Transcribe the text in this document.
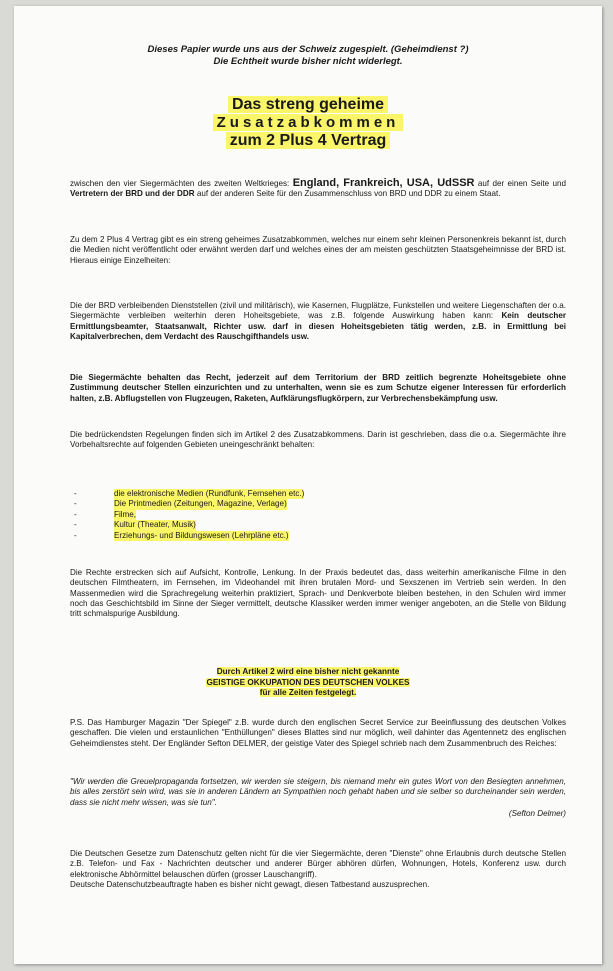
Dieses Papier wurde uns aus der Schweiz zugespielt. (Geheimdienst ?)
Die Echtheit wurde bisher nicht widerlegt.
Das streng geheime
Zusatzabkommen
zum 2 Plus 4 Vertrag
zwischen den vier Siegermächten des zweiten Weltkrieges: England, Frankreich, USA, UdSSR auf der einen Seite und Vertretern der BRD und der DDR auf der anderen Seite für den Zusammenschluss von BRD und DDR zu einem Staat.
Zu dem 2 Plus 4 Vertrag gibt es ein streng geheimes Zusatzabkommen, welches nur einem sehr kleinen Personenkreis bekannt ist, durch die Medien nicht veröffentlicht oder erwähnt werden darf und welches eines der am meisten geschützten Staatsgeheimnisse der BRD ist. Hieraus einige Einzelheiten:
Die der BRD verbleibenden Dienststellen (zivil und militärisch), wie Kasernen, Flugplätze, Funkstellen und weitere Liegenschaften der o.a. Siegermächte verbleiben weiterhin deren Hoheitsgebiete, was z.B. folgende Auswirkung haben kann: Kein deutscher Ermittlungsbeamter, Staatsanwalt, Richter usw. darf in diesen Hoheitsgebieten tätig werden, z.B. in Ermittlung bei Kapitalverbrechen, dem Verdacht des Rauschgifthandels usw.
Die Siegermächte behalten das Recht, jederzeit auf dem Territorium der BRD zeitlich begrenzte Hoheitsgebiete ohne Zustimmung deutscher Stellen einzurichten und zu unterhalten, wenn sie es zum Schutze eigener Interessen für erforderlich halten, z.B. Abflugstellen von Flugzeugen, Raketen, Aufklärungsflugkörpern, zur Verbrechensbekämpfung usw.
Die bedrückendsten Regelungen finden sich im Artikel 2 des Zusatzabkommens. Darin ist geschrieben, dass die o.a. Siegermächte ihre Vorbehaltsrechte auf folgenden Gebieten uneingeschränkt behalten:
-	die elektronische Medien (Rundfunk, Fernsehen etc.)
-	Die Printmedien (Zeitungen, Magazine, Verlage)
-	Filme,
-	Kultur (Theater, Musik)
-	Erziehungs- und Bildungswesen (Lehrpläne etc.)
Die Rechte erstrecken sich auf Aufsicht, Kontrolle, Lenkung. In der Praxis bedeutet das, dass weiterhin amerikanische Filme in den deutschen Filmtheatern, im Fernsehen, im Videohandel mit ihren brutalen Mord- und Sexszenen im Vertrieb sein werden. In den Massenmedien wird die Sprachregelung weiterhin praktiziert, Sprach- und Denkverbote bleiben bestehen, in den Schulen wird immer noch das Geschichtsbild im Sinne der Sieger vermittelt, deutsche Klassiker werden immer weniger angeboten, an die Stelle von Bildung tritt schmalspurige Ausbildung.
Durch Artikel 2 wird eine bisher nicht gekannte
GEISTIGE OKKUPATION DES DEUTSCHEN VOLKES
für alle Zeiten festgelegt.
P.S. Das Hamburger Magazin "Der Spiegel" z.B. wurde durch den englischen Secret Service zur Beeinflussung des deutschen Volkes geschaffen. Die vielen und erstaunlichen "Enthüllungen" dieses Blattes sind nur möglich, weil dahinter das Agentennetz des englischen Geheimdienstes steht. Der Engländer Sefton DELMER, der geistige Vater des Spiegel schrieb nach dem Zusammenbruch des Reiches:
"Wir werden die Greuelpropaganda fortsetzen, wir werden sie steigern, bis niemand mehr ein gutes Wort von den Besiegten annehmen, bis alles zerstört sein wird, was sie in anderen Ländern an Sympathien noch gehabt haben und sie selber so durcheinander sein werden, dass sie nicht mehr wissen, was sie tun".
(Sefton Delmer)
Die Deutschen Gesetze zum Datenschutz gelten nicht für die vier Siegermächte, deren "Dienste" ohne Erlaubnis durch deutsche Stellen z.B. Telefon- und Fax - Nachrichten deutscher und anderer Bürger abhören dürfen, Wohnungen, Hotels, Konferenz usw. durch elektronische Abhörmittel belauschen dürfen (grosser Lauschangriff).
Deutsche Datenschutzbeauftragte haben es bisher nicht gewagt, diesen Tatbestand auszusprechen.
